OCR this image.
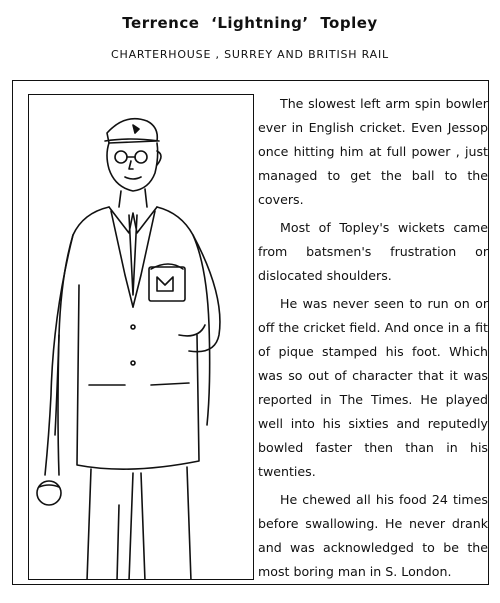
Terrence ‘Lightning’ Topley
CHARTERHOUSE , SURREY AND BRITISH RAIL

The slowest left arm spin bowler ever in English cricket. Even Jessop once hitting him at full power , just managed to get the ball to the covers.

Most of Topley's wickets came from batsmen's frustration or dislocated shoulders.

He was never seen to run on or off the cricket field. And once in a fit of pique stamped his foot. Which was so out of character that it was reported in The Times. He played well into his sixties and reputedly bowled faster then than in his twenties.

He chewed all his food 24 times before swallowing. He never drank and was acknowledged to be the most boring man in S. London.
